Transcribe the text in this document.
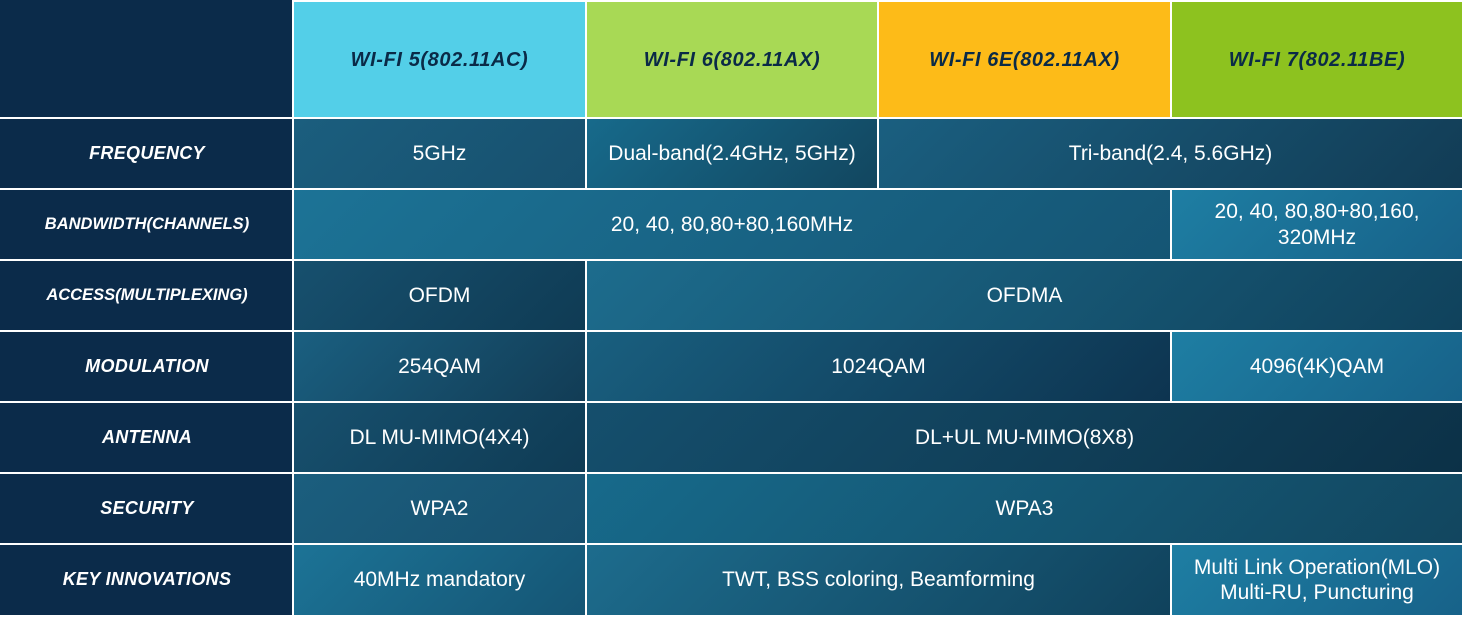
	WI-FI 5(802.11AC)	WI-FI 6(802.11AX)	WI-FI 6E(802.11AX)	WI-FI 7(802.11BE)
FREQUENCY	5GHz	Dual-band(2.4GHz, 5GHz)	Tri-band(2.4, 5.6GHz)	
BANDWIDTH(CHANNELS)	20, 40, 80,80+80,160MHz			20, 40, 80,80+80,160, 320MHz
ACCESS(MULTIPLEXING)	OFDM	OFDMA		
MODULATION	254QAM	1024QAM		4096(4K)QAM
ANTENNA	DL MU-MIMO(4X4)	DL+UL MU-MIMO(8X8)		
SECURITY	WPA2	WPA3		
KEY INNOVATIONS	40MHz mandatory	TWT, BSS coloring, Beamforming		Multi Link Operation(MLO) Multi-RU, Puncturing
